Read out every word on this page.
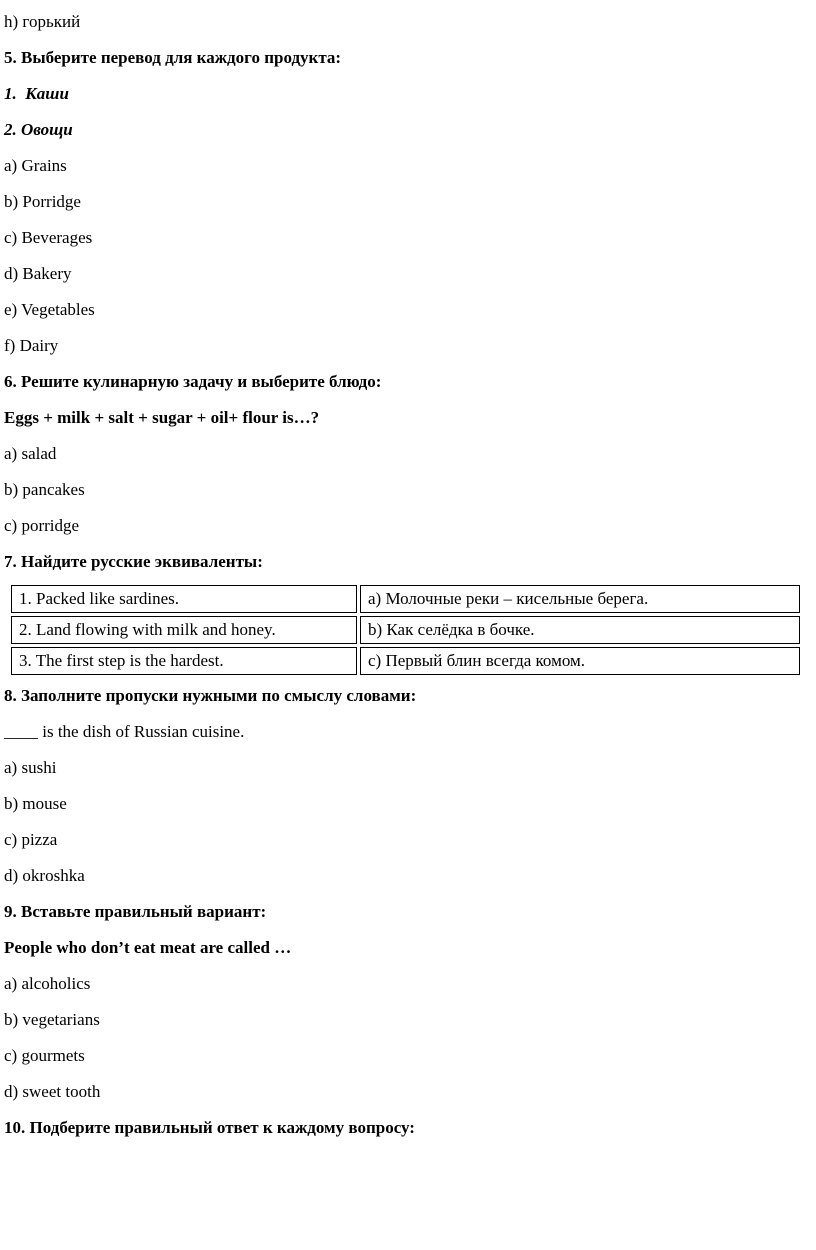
h) горький

5. Выберите перевод для каждого продукта:

1.  Каши

2. Овощи

a) Grains

b) Porridge

c) Beverages

d) Bakery

e) Vegetables

f) Dairy

6. Решите кулинарную задачу и выберите блюдо:

Eggs + milk + salt + sugar + oil+ flour is…?

a) salad

b) pancakes

c) porridge

7. Найдите русские эквиваленты:

1. Packed like sardines.	a) Молочные реки – кисельные берега.
2. Land flowing with milk and honey.	b) Как селёдка в бочке.
3. The first step is the hardest.	c) Первый блин всегда комом.

8. Заполните пропуски нужными по смыслу словами:

____ is the dish of Russian cuisine.

a) sushi

b) mouse

c) pizza

d) okroshka

9. Вставьте правильный вариант:

People who don’t eat meat are called …

a) alcoholics

b) vegetarians

c) gourmets

d) sweet tooth

10. Подберите правильный ответ к каждому вопросу:
